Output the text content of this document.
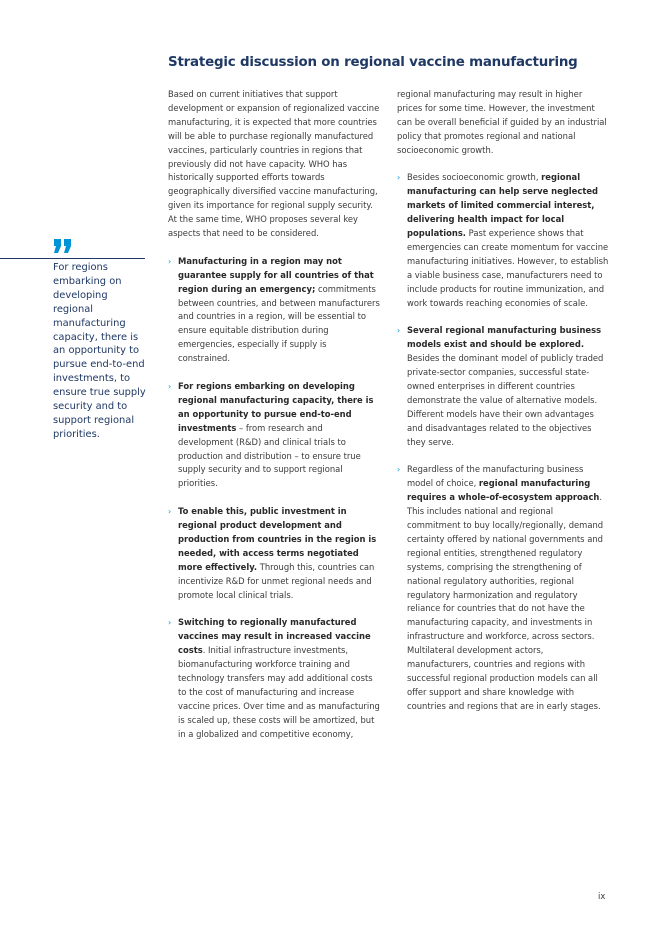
Strategic discussion on regional vaccine manufacturing

For regions embarking on developing regional manufacturing capacity, there is an opportunity to pursue end-to-end investments, to ensure true supply security and to support regional priorities.

Based on current initiatives that support development or expansion of regionalized vaccine manufacturing, it is expected that more countries will be able to purchase regionally manufactured vaccines, particularly countries in regions that previously did not have capacity. WHO has historically supported efforts towards geographically diversified vaccine manufacturing, given its importance for regional supply security. At the same time, WHO proposes several key aspects that need to be considered.

› Manufacturing in a region may not guarantee supply for all countries of that region during an emergency; commitments between countries, and between manufacturers and countries in a region, will be essential to ensure equitable distribution during emergencies, especially if supply is constrained.
› For regions embarking on developing regional manufacturing capacity, there is an opportunity to pursue end-to-end investments – from research and development (R&D) and clinical trials to production and distribution – to ensure true supply security and to support regional priorities.
› To enable this, public investment in regional product development and production from countries in the region is needed, with access terms negotiated more effectively. Through this, countries can incentivize R&D for unmet regional needs and promote local clinical trials.
› Switching to regionally manufactured vaccines may result in increased vaccine costs. Initial infrastructure investments, biomanufacturing workforce training and technology transfers may add additional costs to the cost of manufacturing and increase vaccine prices. Over time and as manufacturing is scaled up, these costs will be amortized, but in a globalized and competitive economy,

regional manufacturing may result in higher prices for some time. However, the investment can be overall beneficial if guided by an industrial policy that promotes regional and national socioeconomic growth.

› Besides socioeconomic growth, regional manufacturing can help serve neglected markets of limited commercial interest, delivering health impact for local populations. Past experience shows that emergencies can create momentum for vaccine manufacturing initiatives. However, to establish a viable business case, manufacturers need to include products for routine immunization, and work towards reaching economies of scale.
› Several regional manufacturing business models exist and should be explored. Besides the dominant model of publicly traded private-sector companies, successful state-owned enterprises in different countries demonstrate the value of alternative models. Different models have their own advantages and disadvantages related to the objectives they serve.
› Regardless of the manufacturing business model of choice, regional manufacturing requires a whole-of-ecosystem approach. This includes national and regional commitment to buy locally/regionally, demand certainty offered by national governments and regional entities, strengthened regulatory systems, comprising the strengthening of national regulatory authorities, regional regulatory harmonization and regulatory reliance for countries that do not have the manufacturing capacity, and investments in infrastructure and workforce, across sectors. Multilateral development actors, manufacturers, countries and regions with successful regional production models can all offer support and share knowledge with countries and regions that are in early stages.
ix
